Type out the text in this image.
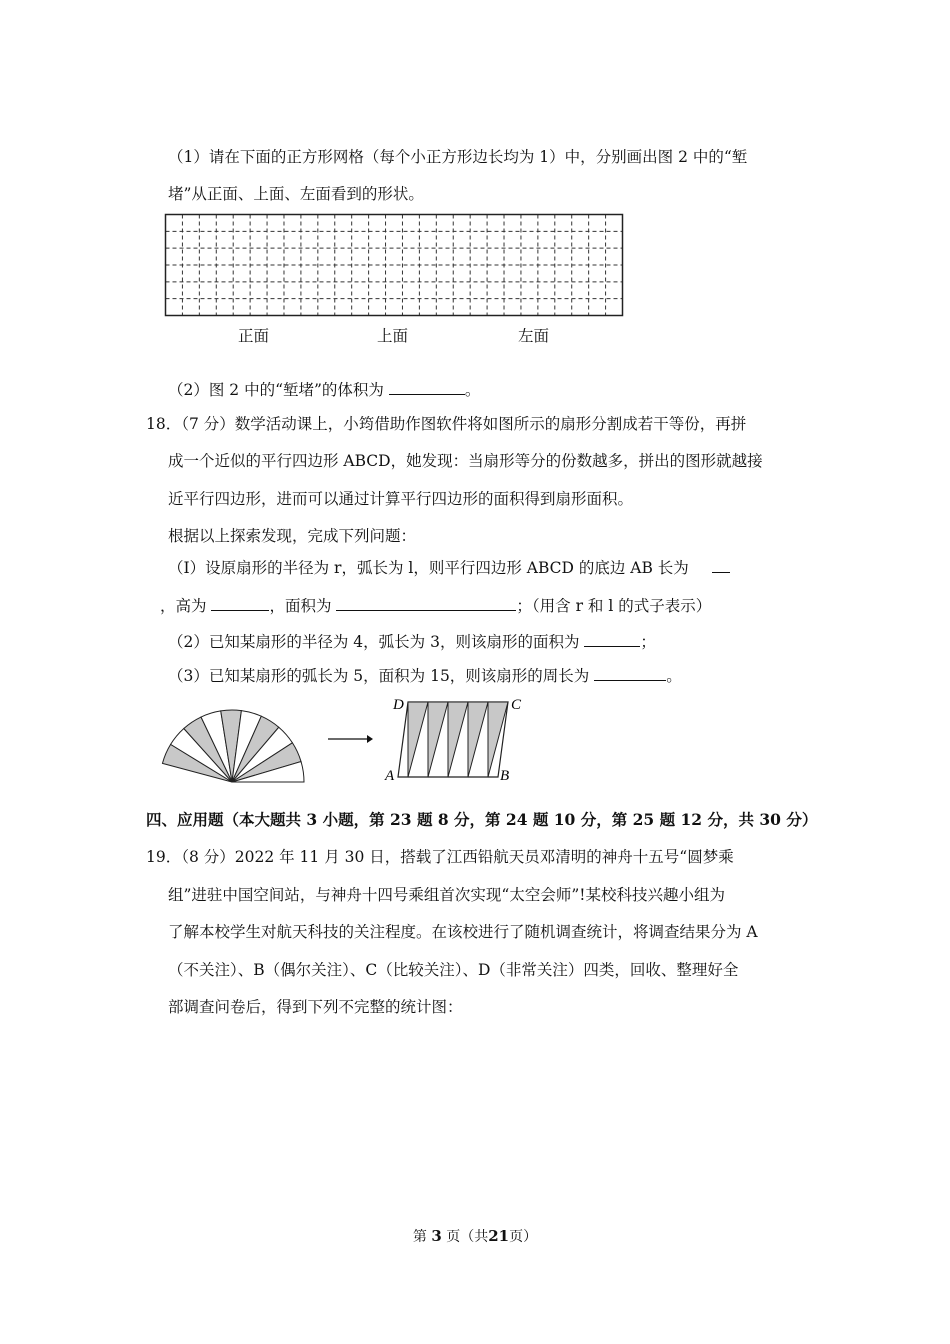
（1）请在下面的正方形网格（每个小正方形边长均为 1）中，分别画出图 2 中的“堑
堵”从正面、上面、左面看到的形状。
正面	上面	左面
（2）图 2 中的“堑堵”的体积为	。
18．（7 分）数学活动课上，小筠借助作图软件将如图所示的扇形分割成若干等份，再拼
成一个近似的平行四边形 ABCD，她发现：当扇形等分的份数越多，拼出的图形就越接
近平行四边形，进而可以通过计算平行四边形的面积得到扇形面积。
根据以上探索发现，完成下列问题：
（I）设原扇形的半径为 r，弧长为 l，则平行四边形 ABCD 的底边 AB 长为
，高为	，面积为	；（用含 r 和 l 的式子表示）
（2）已知某扇形的半径为 4，弧长为 3，则该扇形的面积为	；
（3）已知某扇形的弧长为 5，面积为 15，则该扇形的周长为	。
D	C
A	B
四、应用题（本大题共 3 小题，第 23 题 8 分，第 24 题 10 分，第 25 题 12 分，共 30 分）
19．（8 分）2022 年 11 月 30 日，搭载了江西铅航天员邓清明的神舟十五号“圆梦乘
组”进驻中国空间站，与神舟十四号乘组首次实现“太空会师”!某校科技兴趣小组为
了解本校学生对航天科技的关注程度。在该校进行了随机调查统计，将调查结果分为 A
（不关注）、B（偶尔关注）、C（比较关注）、D（非常关注）四类，回收、整理好全
部调查问卷后，得到下列不完整的统计图：
第 3 页（共21页）
